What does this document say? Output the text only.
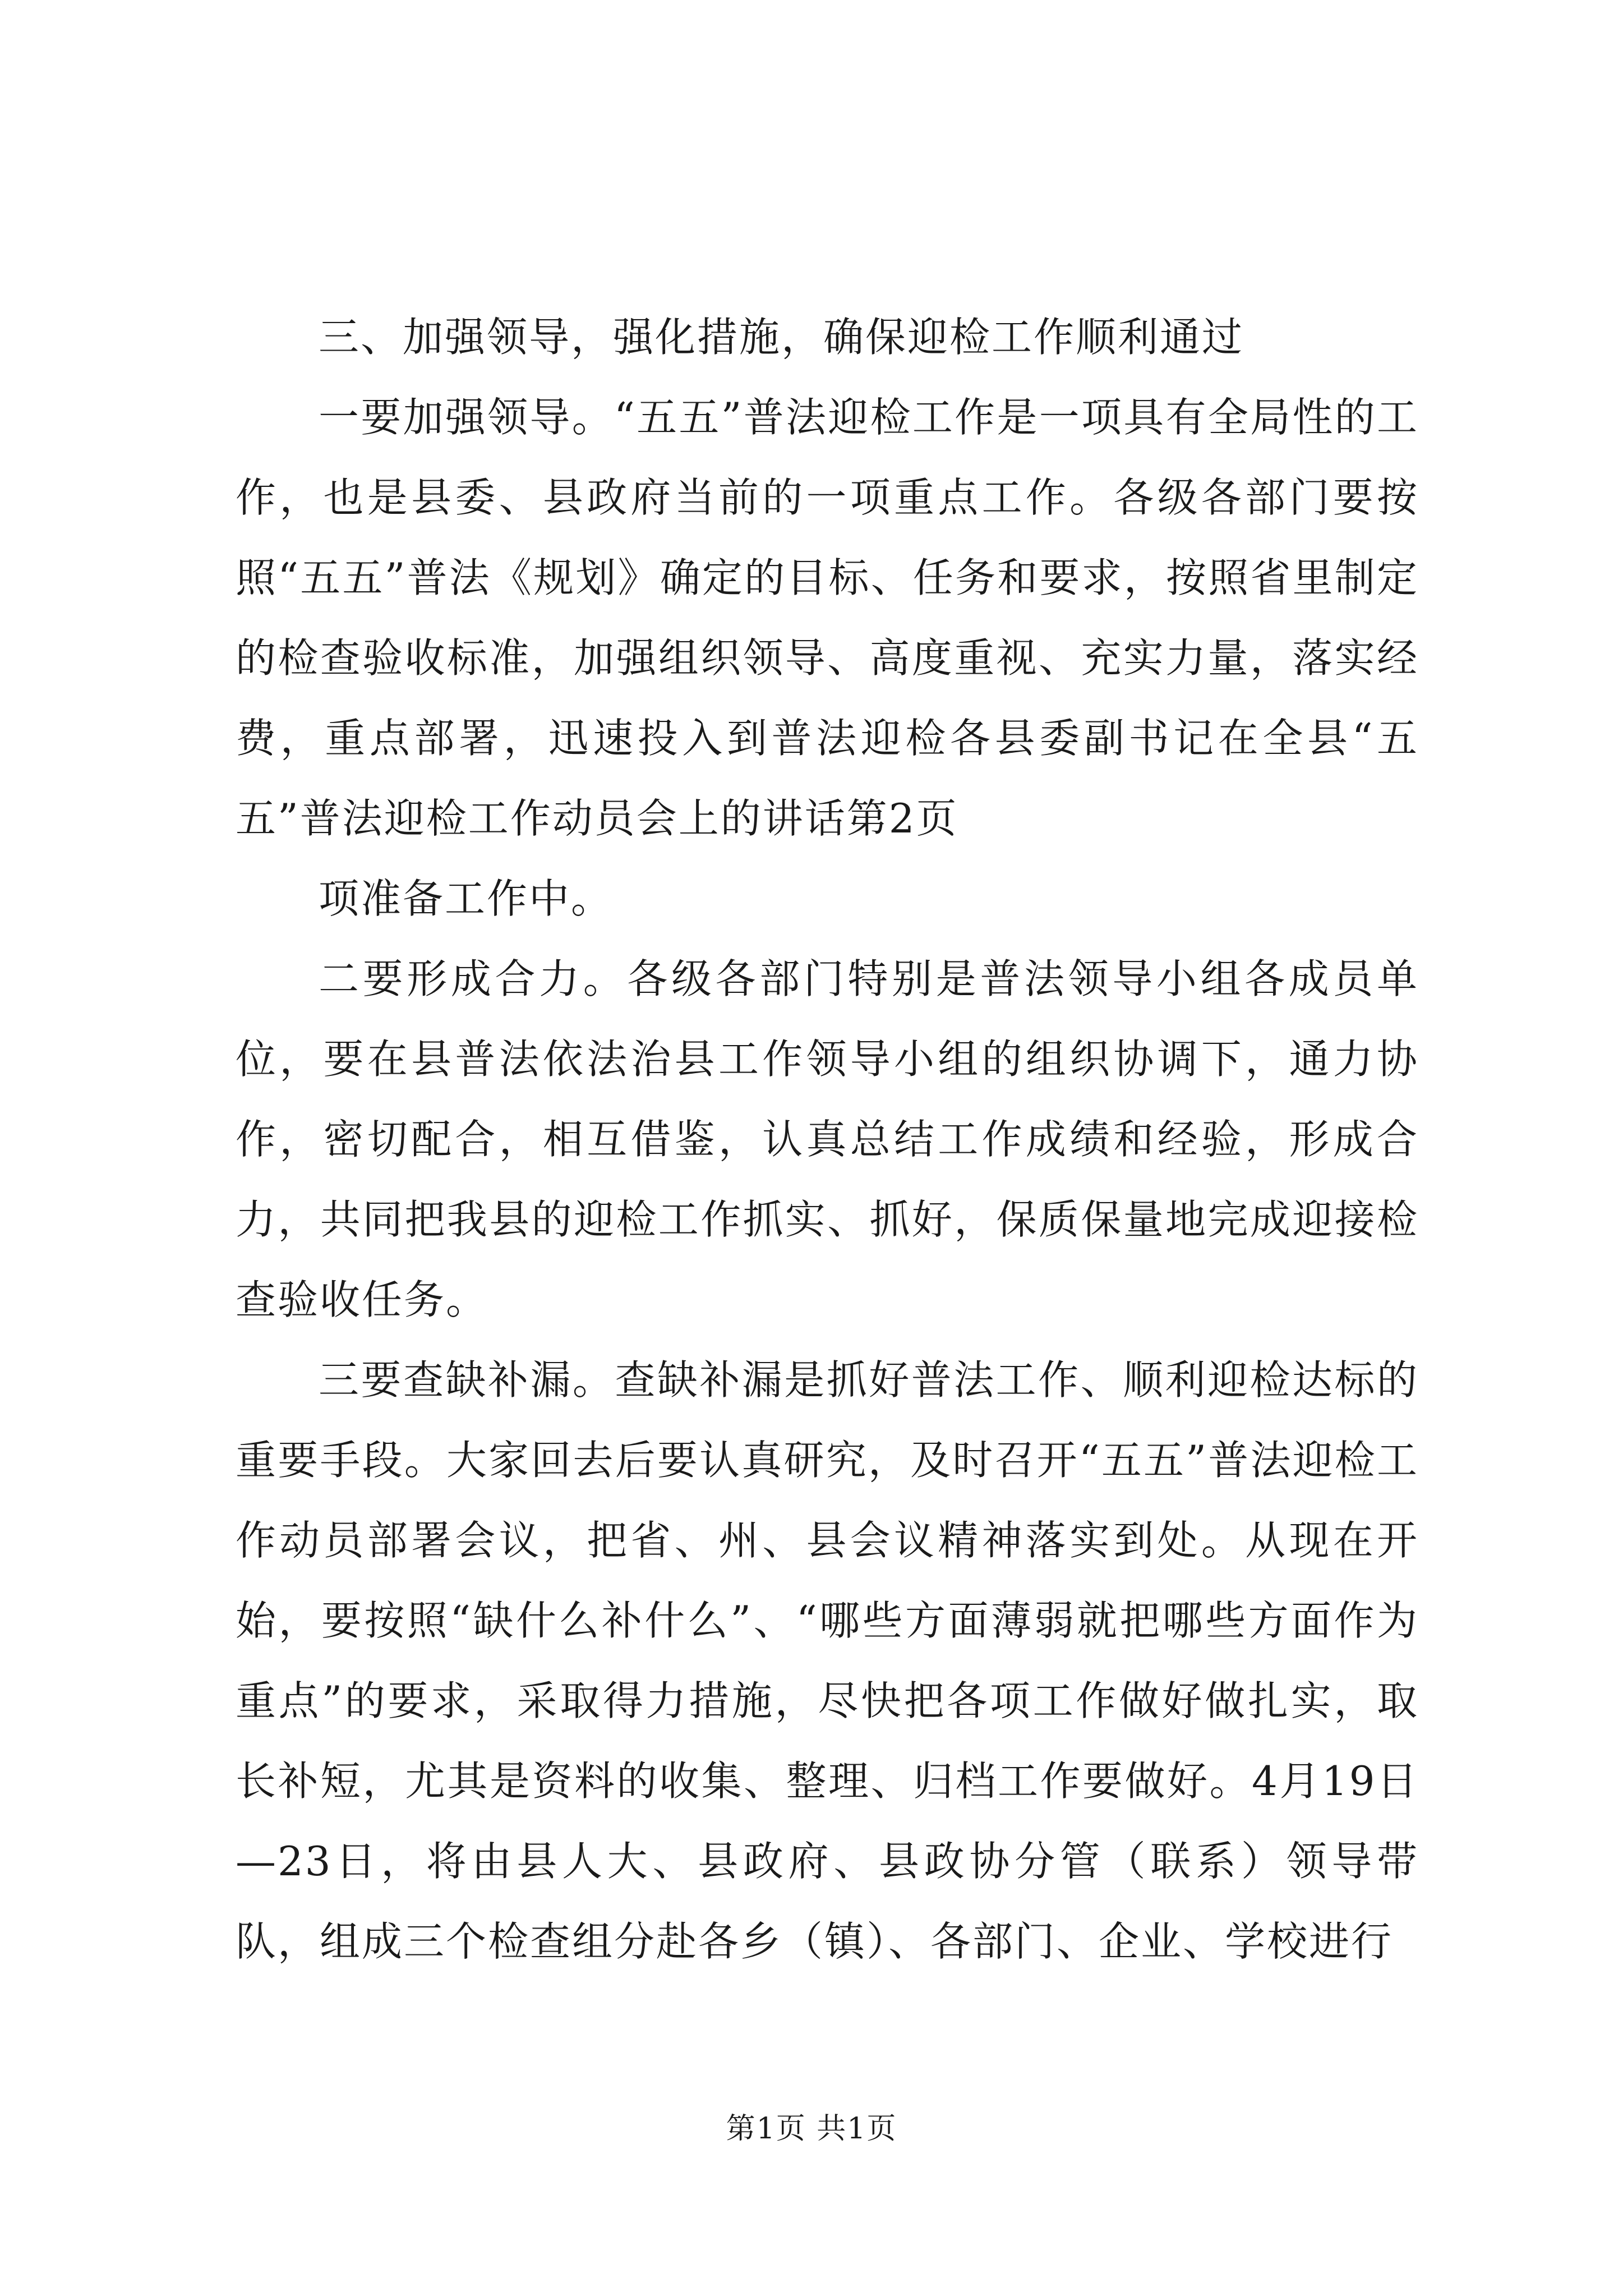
三、加强领导，强化措施，确保迎检工作顺利通过

一要加强领导。“五五”普法迎检工作是一项具有全局性的工作，也是县委、县政府当前的一项重点工作。各级各部门要按照“五五”普法《规划》确定的目标、任务和要求，按照省里制定的检查验收标准，加强组织领导、高度重视、充实力量，落实经费，重点部署，迅速投入到普法迎检各县委副书记在全县“五五”普法迎检工作动员会上的讲话第2页

项准备工作中。

二要形成合力。各级各部门特别是普法领导小组各成员单位，要在县普法依法治县工作领导小组的组织协调下，通力协作，密切配合，相互借鉴，认真总结工作成绩和经验，形成合力，共同把我县的迎检工作抓实、抓好，保质保量地完成迎接检查验收任务。

三要查缺补漏。查缺补漏是抓好普法工作、顺利迎检达标的重要手段。大家回去后要认真研究，及时召开“五五”普法迎检工作动员部署会议，把省、州、县会议精神落实到处。从现在开始，要按照“缺什么补什么”、“哪些方面薄弱就把哪些方面作为重点”的要求，采取得力措施，尽快把各项工作做好做扎实，取长补短，尤其是资料的收集、整理、归档工作要做好。4月19日—23日，将由县人大、县政府、县政协分管（联系）领导带队，组成三个检查组分赴各乡（镇）、各部门、企业、学校进行

第1页 共1页
